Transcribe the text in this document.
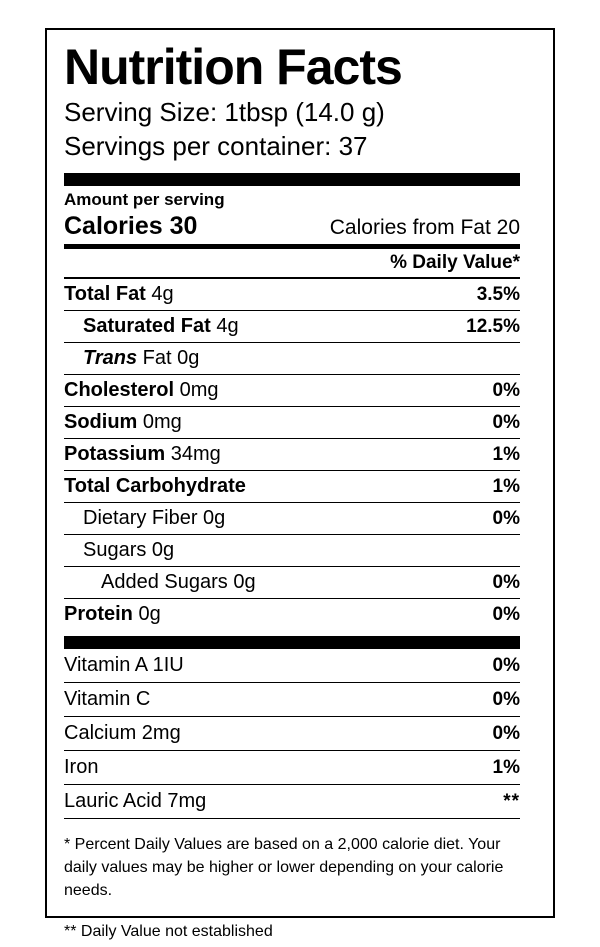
Nutrition Facts
Serving Size: 1tbsp (14.0 g)
Servings per container: 37
Amount per serving
Calories 30	Calories from Fat 20
% Daily Value*
Total Fat 4g	3.5%
Saturated Fat 4g	12.5%
Trans Fat 0g
Cholesterol 0mg	0%
Sodium 0mg	0%
Potassium 34mg	1%
Total Carbohydrate	1%
Dietary Fiber 0g	0%
Sugars 0g
Added Sugars 0g	0%
Protein 0g	0%
Vitamin A 1IU	0%
Vitamin C	0%
Calcium 2mg	0%
Iron	1%
Lauric Acid 7mg	**
* Percent Daily Values are based on a 2,000 calorie diet. Your daily values may be higher or lower depending on your calorie needs.
** Daily Value not established
